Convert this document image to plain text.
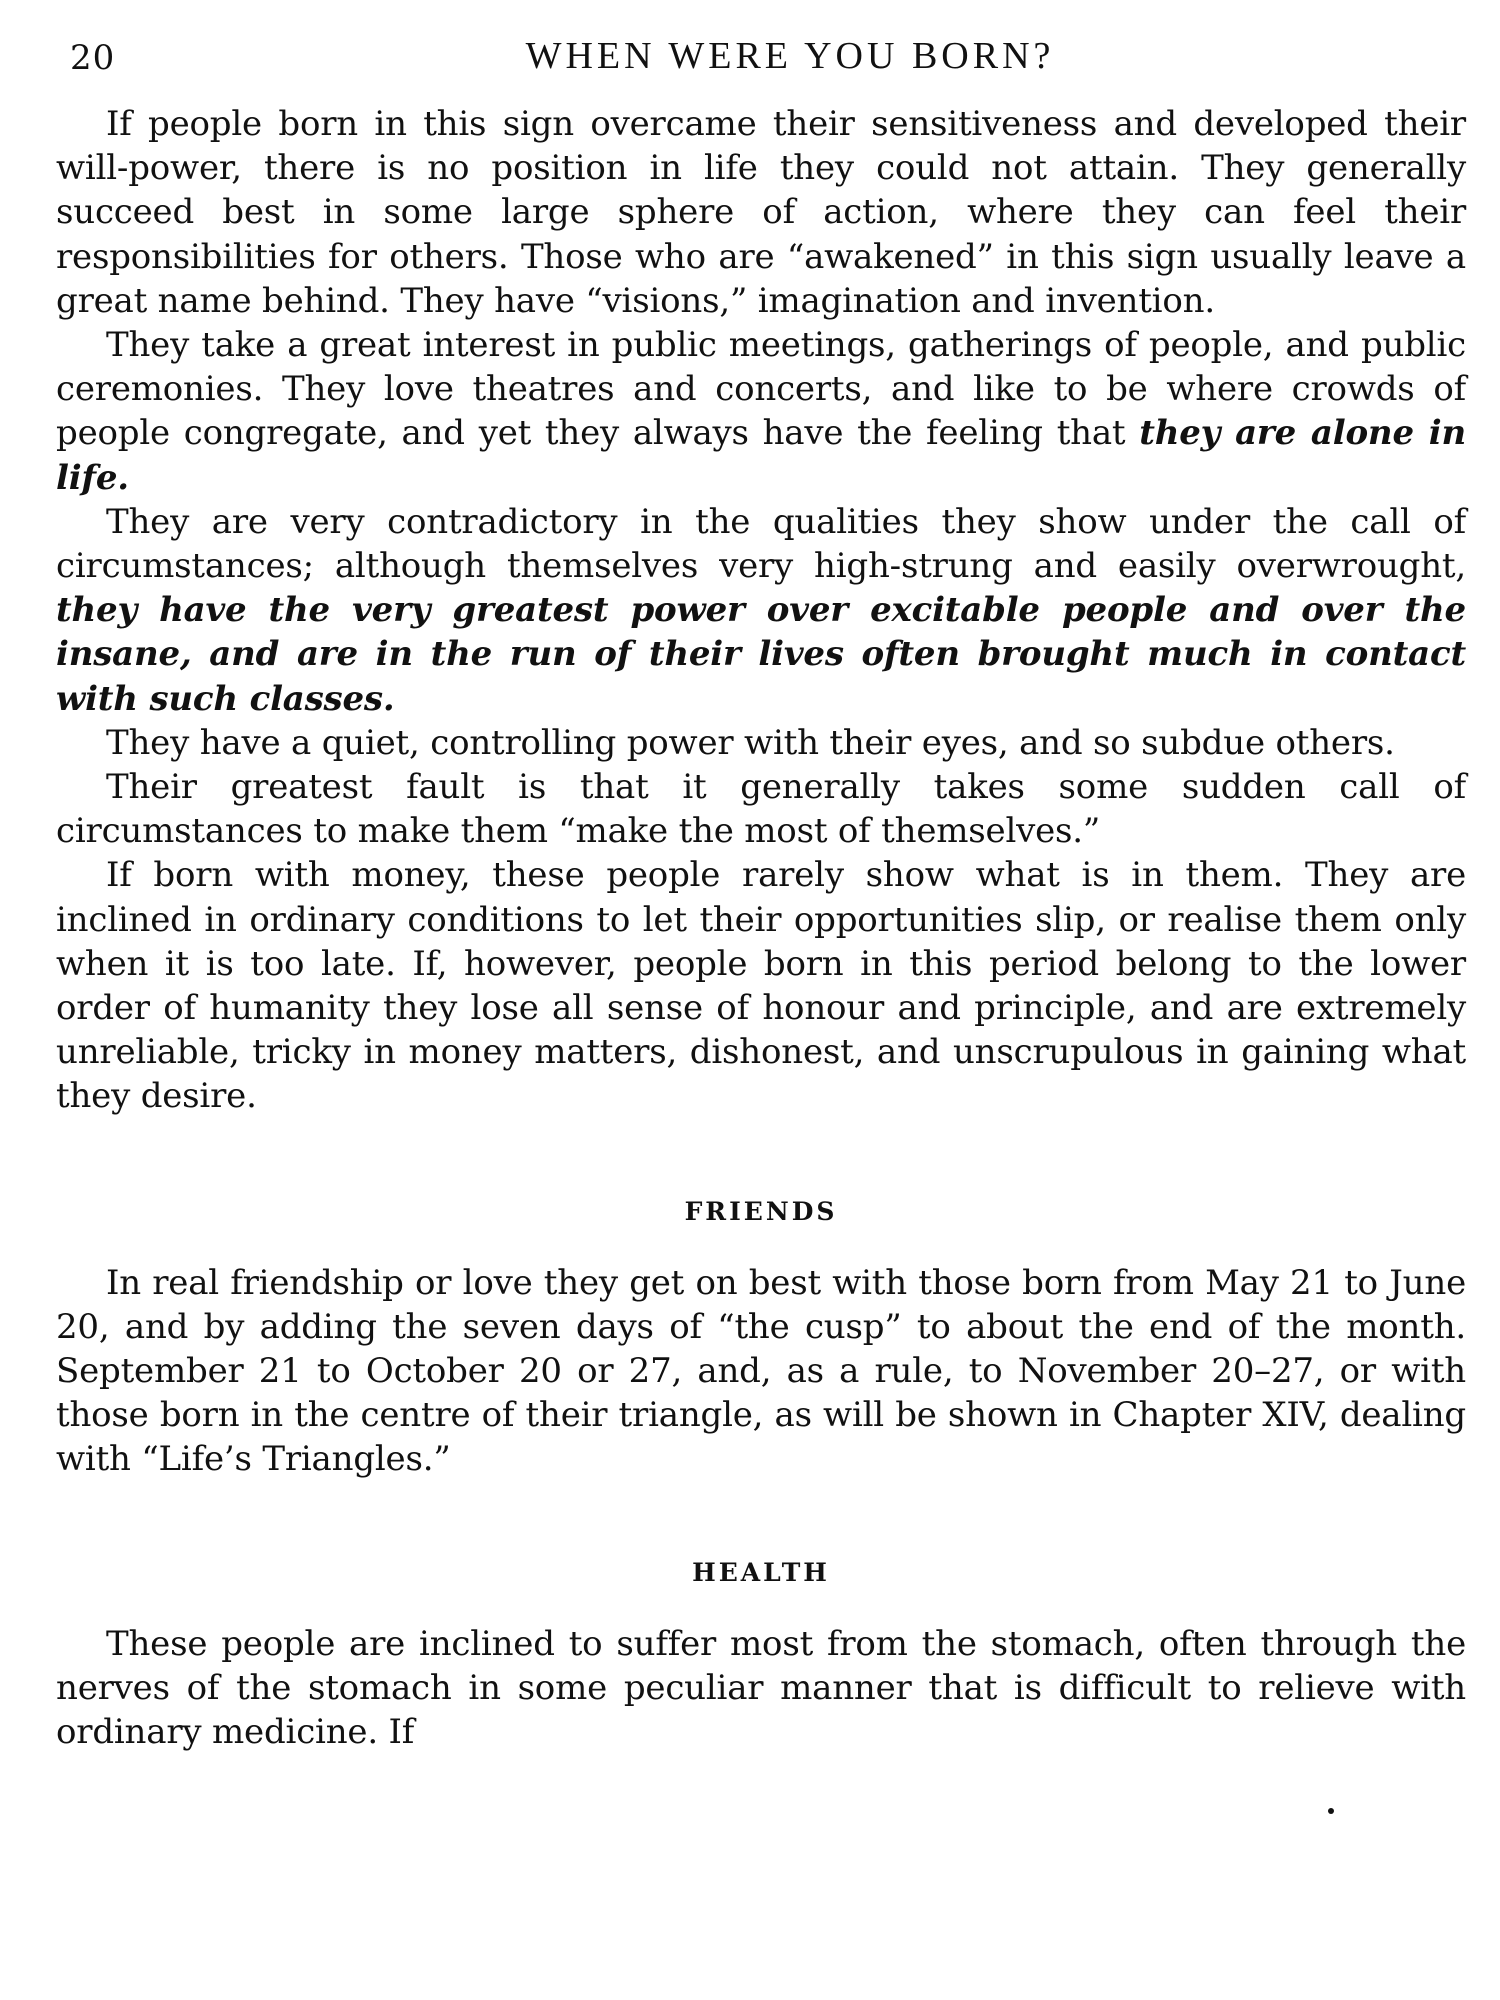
20	WHEN WERE YOU BORN?

If people born in this sign overcame their sensitiveness and developed their will-power, there is no position in life they could not attain. They generally succeed best in some large sphere of action, where they can feel their responsibilities for others. Those who are “awakened” in this sign usually leave a great name behind. They have “visions,” imagination and invention.

They take a great interest in public meetings, gatherings of people, and public ceremonies. They love theatres and concerts, and like to be where crowds of people congregate, and yet they always have the feeling that they are alone in life.

They are very contradictory in the qualities they show under the call of circumstances; although themselves very high-strung and easily overwrought, they have the very greatest power over excitable people and over the insane, and are in the run of their lives often brought much in contact with such classes.

They have a quiet, controlling power with their eyes, and so subdue others.

Their greatest fault is that it generally takes some sudden call of circumstances to make them “make the most of themselves.”

If born with money, these people rarely show what is in them. They are inclined in ordinary conditions to let their opportunities slip, or realise them only when it is too late. If, however, people born in this period belong to the lower order of humanity they lose all sense of honour and principle, and are extremely unreliable, tricky in money matters, dishonest, and unscrupulous in gaining what they desire.

FRIENDS

In real friendship or love they get on best with those born from May 21 to June 20, and by adding the seven days of “the cusp” to about the end of the month. September 21 to October 20 or 27, and, as a rule, to November 20–27, or with those born in the centre of their triangle, as will be shown in Chapter XIV, dealing with “Life’s Triangles.”

HEALTH

These people are inclined to suffer most from the stomach, often through the nerves of the stomach in some peculiar manner that is difficult to relieve with ordinary medicine. If
